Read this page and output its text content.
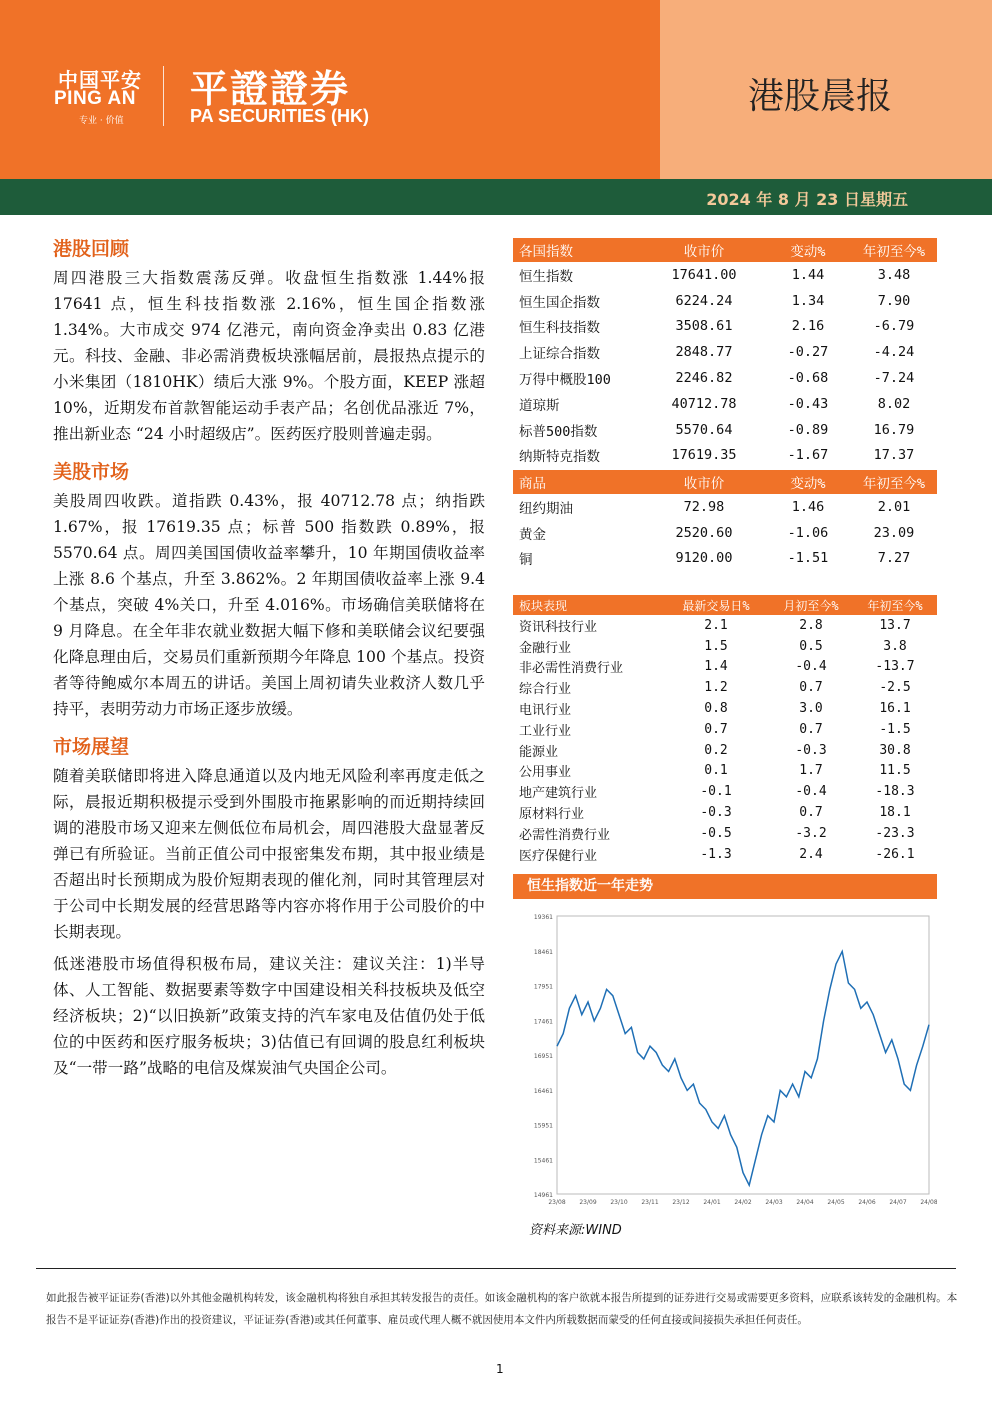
中国平安
PING AN
专业 · 价值
平證證券
PA SECURITIES (HK)	港股晨报
2024 年 8 月 23 日星期五
港股回顾

周四港股三大指数震荡反弹。收盘恒生指数涨 1.44%报 17641 点，恒生科技指数涨 2.16%，恒生国企指数涨 1.34%。大市成交 974 亿港元，南向资金净卖出 0.83 亿港元。科技、金融、非必需消费板块涨幅居前，晨报热点提示的小米集团（1810HK）绩后大涨 9%。个股方面，KEEP 涨超 10%，近期发布首款智能运动手表产品；名创优品涨近 7%，推出新业态 “24 小时超级店”。医药医疗股则普遍走弱。

美股市场

美股周四收跌。道指跌 0.43%，报 40712.78 点；纳指跌 1.67%，报 17619.35 点；标普 500 指数跌 0.89%，报 5570.64 点。周四美国国债收益率攀升，10 年期国债收益率上涨 8.6 个基点，升至 3.862%。2 年期国债收益率上涨 9.4 个基点，突破 4%关口，升至 4.016%。市场确信美联储将在 9 月降息。在全年非农就业数据大幅下修和美联储会议纪要强化降息理由后，交易员们重新预期今年降息 100 个基点。投资者等待鲍威尔本周五的讲话。美国上周初请失业救济人数几乎持平，表明劳动力市场正逐步放缓。

市场展望

随着美联储即将进入降息通道以及内地无风险利率再度走低之际，晨报近期积极提示受到外围股市拖累影响的而近期持续回调的港股市场又迎来左侧低位布局机会，周四港股大盘显著反弹已有所验证。当前正值公司中报密集发布期，其中报业绩是否超出时长预期成为股价短期表现的催化剂，同时其管理层对于公司中长期发展的经营思路等内容亦将作用于公司股价的中长期表现。

低迷港股市场值得积极布局，建议关注：建议关注：1)半导体、人工智能、数据要素等数字中国建设相关科技板块及低空经济板块；2)“以旧换新”政策支持的汽车家电及估值仍处于低位的中医药和医疗服务板块；3)估值已有回调的股息红利板块及“一带一路”战略的电信及煤炭油气央国企公司。

各国指数	收市价	变动%	年初至今%
恒生指数	17641.00	1.44	3.48
恒生国企指数	6224.24	1.34	7.90
恒生科技指数	3508.61	2.16	-6.79
上证综合指数	2848.77	-0.27	-4.24
万得中概股100	2246.82	-0.68	-7.24
道琼斯	40712.78	-0.43	8.02
标普500指数	5570.64	-0.89	16.79
纳斯特克指数	17619.35	-1.67	17.37
商品	收市价	变动%	年初至今%
纽约期油	72.98	1.46	2.01
黄金	2520.60	-1.06	23.09
铜	9120.00	-1.51	7.27
板块表现	最新交易日%	月初至今%	年初至今%
资讯科技行业	2.1	2.8	13.7
金融行业	1.5	0.5	3.8
非必需性消费行业	1.4	-0.4	-13.7
综合行业	1.2	0.7	-2.5
电讯行业	0.8	3.0	16.1
工业行业	0.7	0.7	-1.5
能源业	0.2	-0.3	30.8
公用事业	0.1	1.7	11.5
地产建筑行业	-0.1	-0.4	-18.3
原材料行业	-0.3	0.7	18.1
必需性消费行业	-0.5	-3.2	-23.3
医疗保健行业	-1.3	2.4	-26.1
恒生指数近一年走势
19361
18461
17951
17461
16951
16461
15951
15461
14961
23/08 23/09 23/10 23/11 23/12 24/01 24/02 24/03 24/04 24/05 24/06 24/07 24/08
资料来源:WIND
如此报告被平证证券(香港)以外其他金融机构转发，该金融机构将独自承担其转发报告的责任。如该金融机构的客户欲就本报告所提到的证券进行交易或需要更多资料，应联系该转发的金融机构。本报告不是平证证券(香港)作出的投资建议，平证证券(香港)或其任何董事、雇员或代理人概不就因使用本文件内所载数据而蒙受的任何直接或间接损失承担任何责任。
1
